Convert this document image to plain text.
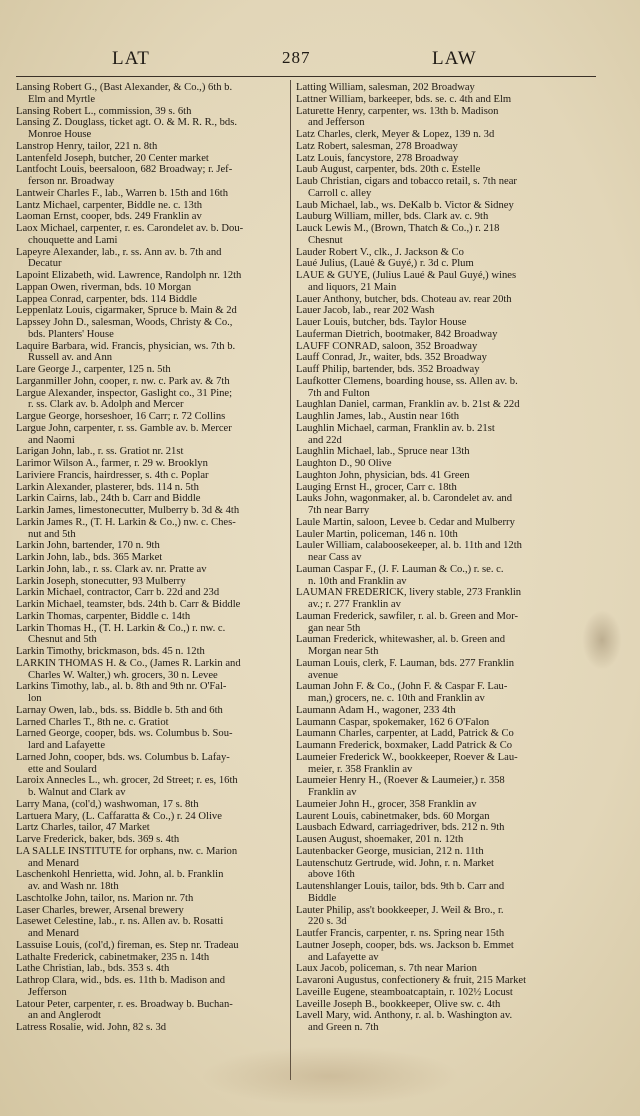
LAT	287	LAW
Lansing Robert G., (Bast Alexander, & Co.,) 6th b.
Elm and Myrtle
Lansing Robert L., commission, 39 s. 6th
Lansing Z. Douglass, ticket agt. O. & M. R. R., bds.
Monroe House
Lanstrop Henry, tailor, 221 n. 8th
Lantenfeld Joseph, butcher, 20 Center market
Lantfocht Louis, beersaloon, 682 Broadway; r. Jef-
ferson nr. Broadway
Lantweir Charles F., lab., Warren b. 15th and 16th
Lantz Michael, carpenter, Biddle ne. c. 13th
Laoman Ernst, cooper, bds. 249 Franklin av
Laox Michael, carpenter, r. es. Carondelet av. b. Dou-
chouquette and Lami
Lapeyre Alexander, lab., r. ss. Ann av. b. 7th and
Decatur
Lapoint Elizabeth, wid. Lawrence, Randolph nr. 12th
Lappan Owen, riverman, bds. 10 Morgan
Lappea Conrad, carpenter, bds. 114 Biddle
Leppenlatz Louis, cigarmaker, Spruce b. Main & 2d
Lapssey John D., salesman, Woods, Christy & Co.,
bds. Planters' House
Laquire Barbara, wid. Francis, physician, ws. 7th b.
Russell av. and Ann
Lare George J., carpenter, 125 n. 5th
Larganmiller John, cooper, r. nw. c. Park av. & 7th
Largue Alexander, inspector, Gaslight co., 31 Pine;
r. ss. Clark av. b. Adolph and Mercer
Largue George, horseshoer, 16 Carr; r. 72 Collins
Largue John, carpenter, r. ss. Gamble av. b. Mercer
and Naomi
Larigan John, lab., r. ss. Gratiot nr. 21st
Larimor Wilson A., farmer, r. 29 w. Brooklyn
Lariviere Francis, hairdresser, s. 4th c. Poplar
Larkin Alexander, plasterer, bds. 114 n. 5th
Larkin Cairns, lab., 24th b. Carr and Biddle
Larkin James, limestonecutter, Mulberry b. 3d & 4th
Larkin James R., (T. H. Larkin & Co.,) nw. c. Ches-
nut and 5th
Larkin John, bartender, 170 n. 9th
Larkin John, lab., bds. 365 Market
Larkin John, lab., r. ss. Clark av. nr. Pratte av
Larkin Joseph, stonecutter, 93 Mulberry
Larkin Michael, contractor, Carr b. 22d and 23d
Larkin Michael, teamster, bds. 24th b. Carr & Biddle
Larkin Thomas, carpenter, Biddle c. 14th
Larkin Thomas H., (T. H. Larkin & Co.,) r. nw. c.
Chesnut and 5th
Larkin Timothy, brickmason, bds. 45 n. 12th
LARKIN THOMAS H. & Co., (James R. Larkin and
Charles W. Walter,) wh. grocers, 30 n. Levee
Larkins Timothy, lab., al. b. 8th and 9th nr. O'Fal-
lon
Larnay Owen, lab., bds. ss. Biddle b. 5th and 6th
Larned Charles T., 8th ne. c. Gratiot
Larned George, cooper, bds. ws. Columbus b. Sou-
lard and Lafayette
Larned John, cooper, bds. ws. Columbus b. Lafay-
ette and Soulard
Laroix Annecles L., wh. grocer, 2d Street; r. es, 16th
b. Walnut and Clark av
Larry Mana, (col'd,) washwoman, 17 s. 8th
Lartuera Mary, (L. Caffaratta & Co.,) r. 24 Olive
Lartz Charles, tailor, 47 Market
Larve Frederick, baker, bds. 369 s. 4th
LA SALLE INSTITUTE for orphans, nw. c. Marion
and Menard
Laschenkohl Henrietta, wid. John, al. b. Franklin
av. and Wash nr. 18th
Laschtolke John, tailor, ns. Marion nr. 7th
Laser Charles, brewer, Arsenal brewery
Lasewet Celestine, lab., r. ns. Allen av. b. Rosatti
and Menard
Lassuise Louis, (col'd,) fireman, es. Step nr. Tradeau
Lathalte Frederick, cabinetmaker, 235 n. 14th
Lathe Christian, lab., bds. 353 s. 4th
Lathrop Clara, wid., bds. es. 11th b. Madison and
Jefferson
Latour Peter, carpenter, r. es. Broadway b. Buchan-
an and Anglerodt
Latress Rosalie, wid. John, 82 s. 3d
Latting William, salesman, 202 Broadway
Lattner William, barkeeper, bds. se. c. 4th and Elm
Laturette Henry, carpenter, ws. 13th b. Madison
and Jefferson
Latz Charles, clerk, Meyer & Lopez, 139 n. 3d
Latz Robert, salesman, 278 Broadway
Latz Louis, fancystore, 278 Broadway
Laub August, carpenter, bds. 20th c. Estelle
Laub Christian, cigars and tobacco retail, s. 7th near
Carroll c. alley
Laub Michael, lab., ws. DeKalb b. Victor & Sidney
Lauburg William, miller, bds. Clark av. c. 9th
Lauck Lewis M., (Brown, Thatch & Co.,) r. 218
Chesnut
Lauder Robert V., clk., J. Jackson & Co
Laué Julius, (Lauė & Guyé,) r. 3d c. Plum
LAUE & GUYE, (Julius Laué & Paul Guyé,) wines
and liquors, 21 Main
Lauer Anthony, butcher, bds. Choteau av. rear 20th
Lauer Jacob, lab., rear 202 Wash
Lauer Louis, butcher, bds. Taylor House
Lauferman Dietrich, bootmaker, 842 Broadway
LAUFF CONRAD, saloon, 352 Broadway
Lauff Conrad, Jr., waiter, bds. 352 Broadway
Lauff Philip, bartender, bds. 352 Broadway
Laufkotter Clemens, boarding house, ss. Allen av. b.
7th and Fulton
Laughlan Daniel, carman, Franklin av. b. 21st & 22d
Laughlin James, lab., Austin near 16th
Laughlin Michael, carman, Franklin av. b. 21st
and 22d
Laughlin Michael, lab., Spruce near 13th
Laughton D., 90 Olive
Laughton John, physician, bds. 41 Green
Lauging Ernst H., grocer, Carr c. 18th
Lauks John, wagonmaker, al. b. Carondelet av. and
7th near Barry
Laule Martin, saloon, Levee b. Cedar and Mulberry
Lauler Martin, policeman, 146 n. 10th
Lauler William, calaboosekeeper, al. b. 11th and 12th
near Cass av
Lauman Caspar F., (J. F. Lauman & Co.,) r. se. c.
n. 10th and Franklin av
LAUMAN FREDERICK, livery stable, 273 Franklin
av.; r. 277 Franklin av
Lauman Frederick, sawfiler, r. al. b. Green and Mor-
gan near 5th
Lauman Frederick, whitewasher, al. b. Green and
Morgan near 5th
Lauman Louis, clerk, F. Lauman, bds. 277 Franklin
avenue
Lauman John F. & Co., (John F. & Caspar F. Lau-
man,) grocers, ne. c. 10th and Franklin av
Laumann Adam H., wagoner, 233 4th
Laumann Caspar, spokemaker, 162 6 O'Falon
Laumann Charles, carpenter, at Ladd, Patrick & Co
Laumann Frederick, boxmaker, Ladd Patrick & Co
Laumeier Frederick W., bookkeeper, Roever & Lau-
meier, r. 358 Franklin av
Laumeier Henry H., (Roever & Laumeier,) r. 358
Franklin av
Laumeier John H., grocer, 358 Franklin av
Laurent Louis, cabinetmaker, bds. 60 Morgan
Lausbach Edward, carriagedriver, bds. 212 n. 9th
Lausen August, shoemaker, 201 n. 12th
Lautenbacker George, musician, 212 n. 11th
Lautenschutz Gertrude, wid. John, r. n. Market
above 16th
Lautenshlanger Louis, tailor, bds. 9th b. Carr and
Biddle
Lauter Philip, ass't bookkeeper, J. Weil & Bro., r.
220 s. 3d
Lautfer Francis, carpenter, r. ns. Spring near 15th
Lautner Joseph, cooper, bds. ws. Jackson b. Emmet
and Lafayette av
Laux Jacob, policeman, s. 7th near Marion
Lavaroni Augustus, confectionery & fruit, 215 Market
Laveille Eugene, steamboatcaptain, r. 102½ Locust
Laveille Joseph B., bookkeeper, Olive sw. c. 4th
Lavell Mary, wid. Anthony, r. al. b. Washington av.
and Green n. 7th
